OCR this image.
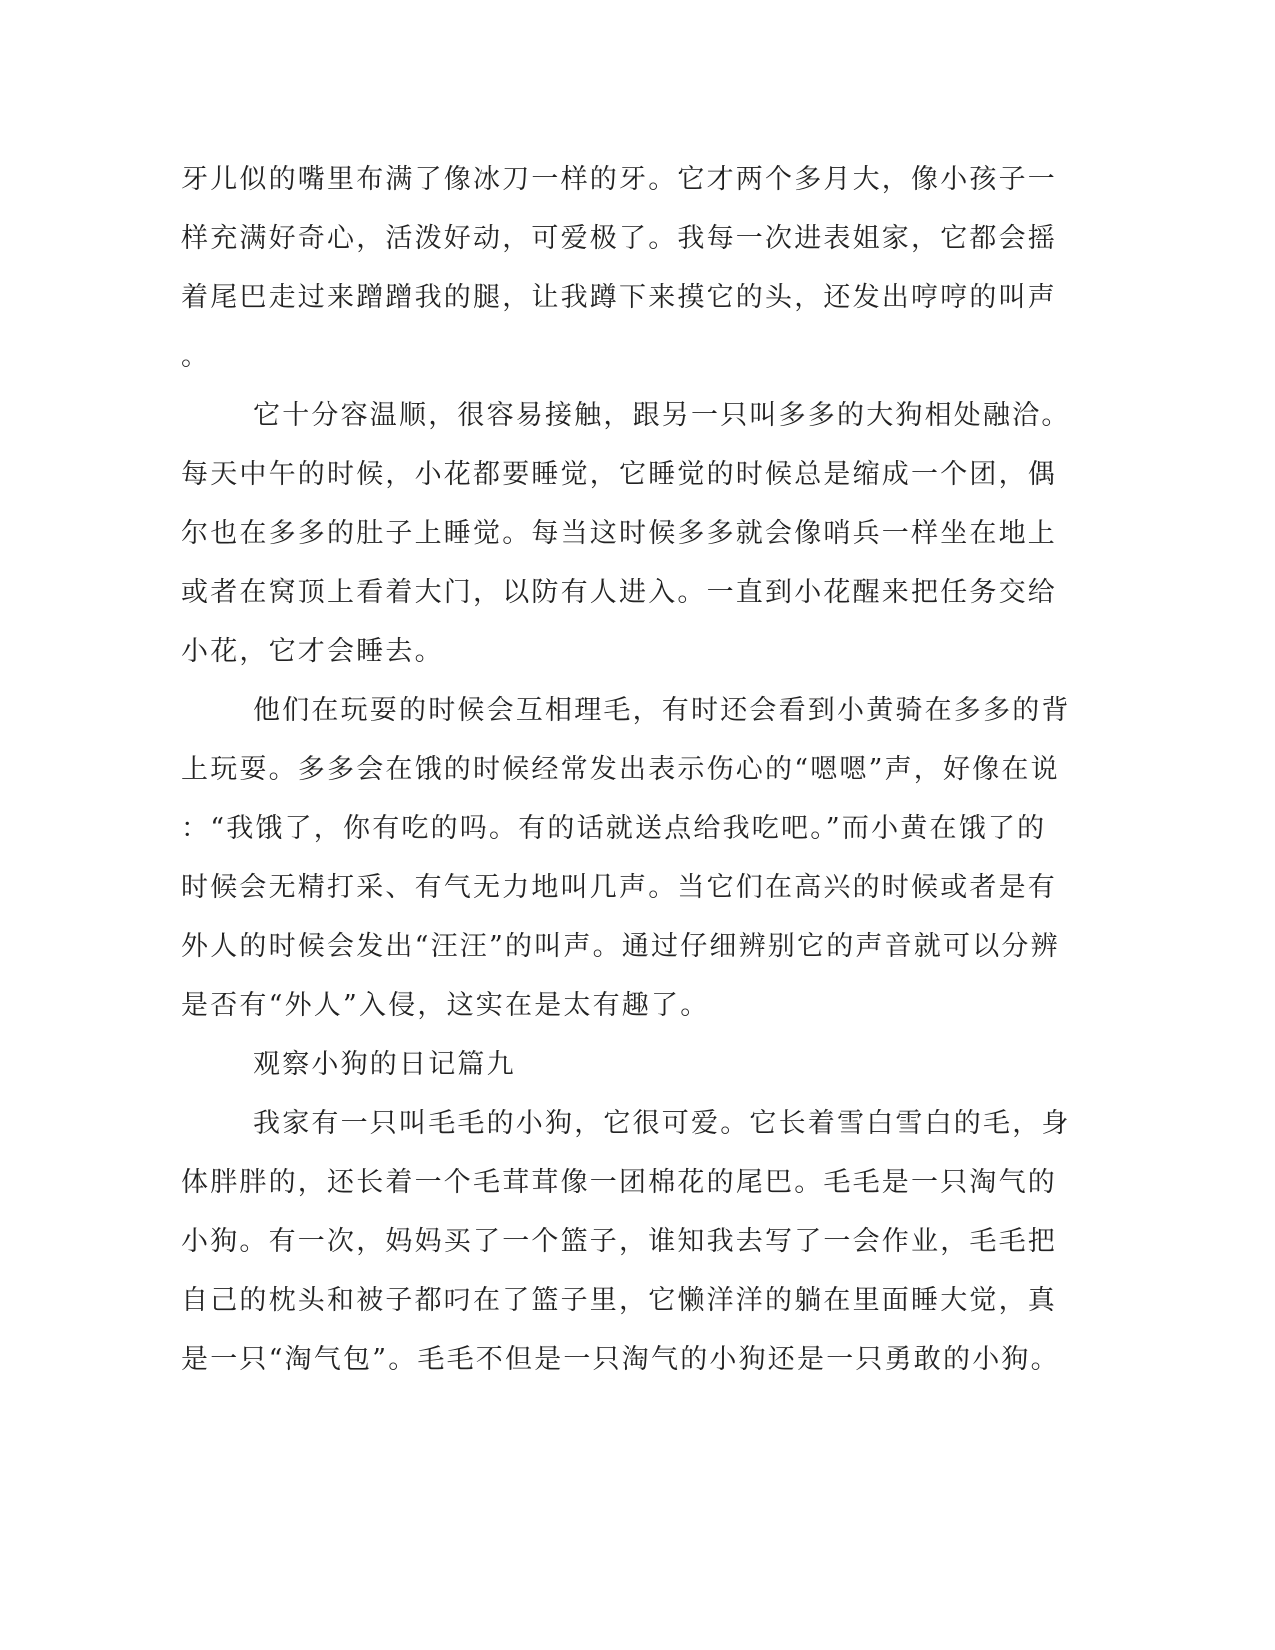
牙儿似的嘴里布满了像冰刀一样的牙。它才两个多月大，像小孩子一
样充满好奇心，活泼好动，可爱极了。我每一次进表姐家，它都会摇
着尾巴走过来蹭蹭我的腿，让我蹲下来摸它的头，还发出哼哼的叫声
。
它十分容温顺，很容易接触，跟另一只叫多多的大狗相处融洽。
每天中午的时候，小花都要睡觉，它睡觉的时候总是缩成一个团，偶
尔也在多多的肚子上睡觉。每当这时候多多就会像哨兵一样坐在地上
或者在窝顶上看着大门，以防有人进入。一直到小花醒来把任务交给
小花，它才会睡去。
他们在玩耍的时候会互相理毛，有时还会看到小黄骑在多多的背
上玩耍。多多会在饿的时候经常发出表示伤心的“嗯嗯”声，好像在说
：“我饿了，你有吃的吗。有的话就送点给我吃吧。”而小黄在饿了的
时候会无精打采、有气无力地叫几声。当它们在高兴的时候或者是有
外人的时候会发出“汪汪”的叫声。通过仔细辨别它的声音就可以分辨
是否有“外人”入侵，这实在是太有趣了。
观察小狗的日记篇九
我家有一只叫毛毛的小狗，它很可爱。它长着雪白雪白的毛，身
体胖胖的，还长着一个毛茸茸像一团棉花的尾巴。毛毛是一只淘气的
小狗。有一次，妈妈买了一个篮子，谁知我去写了一会作业，毛毛把
自己的枕头和被子都叼在了篮子里，它懒洋洋的躺在里面睡大觉，真
是一只“淘气包”。毛毛不但是一只淘气的小狗还是一只勇敢的小狗。
